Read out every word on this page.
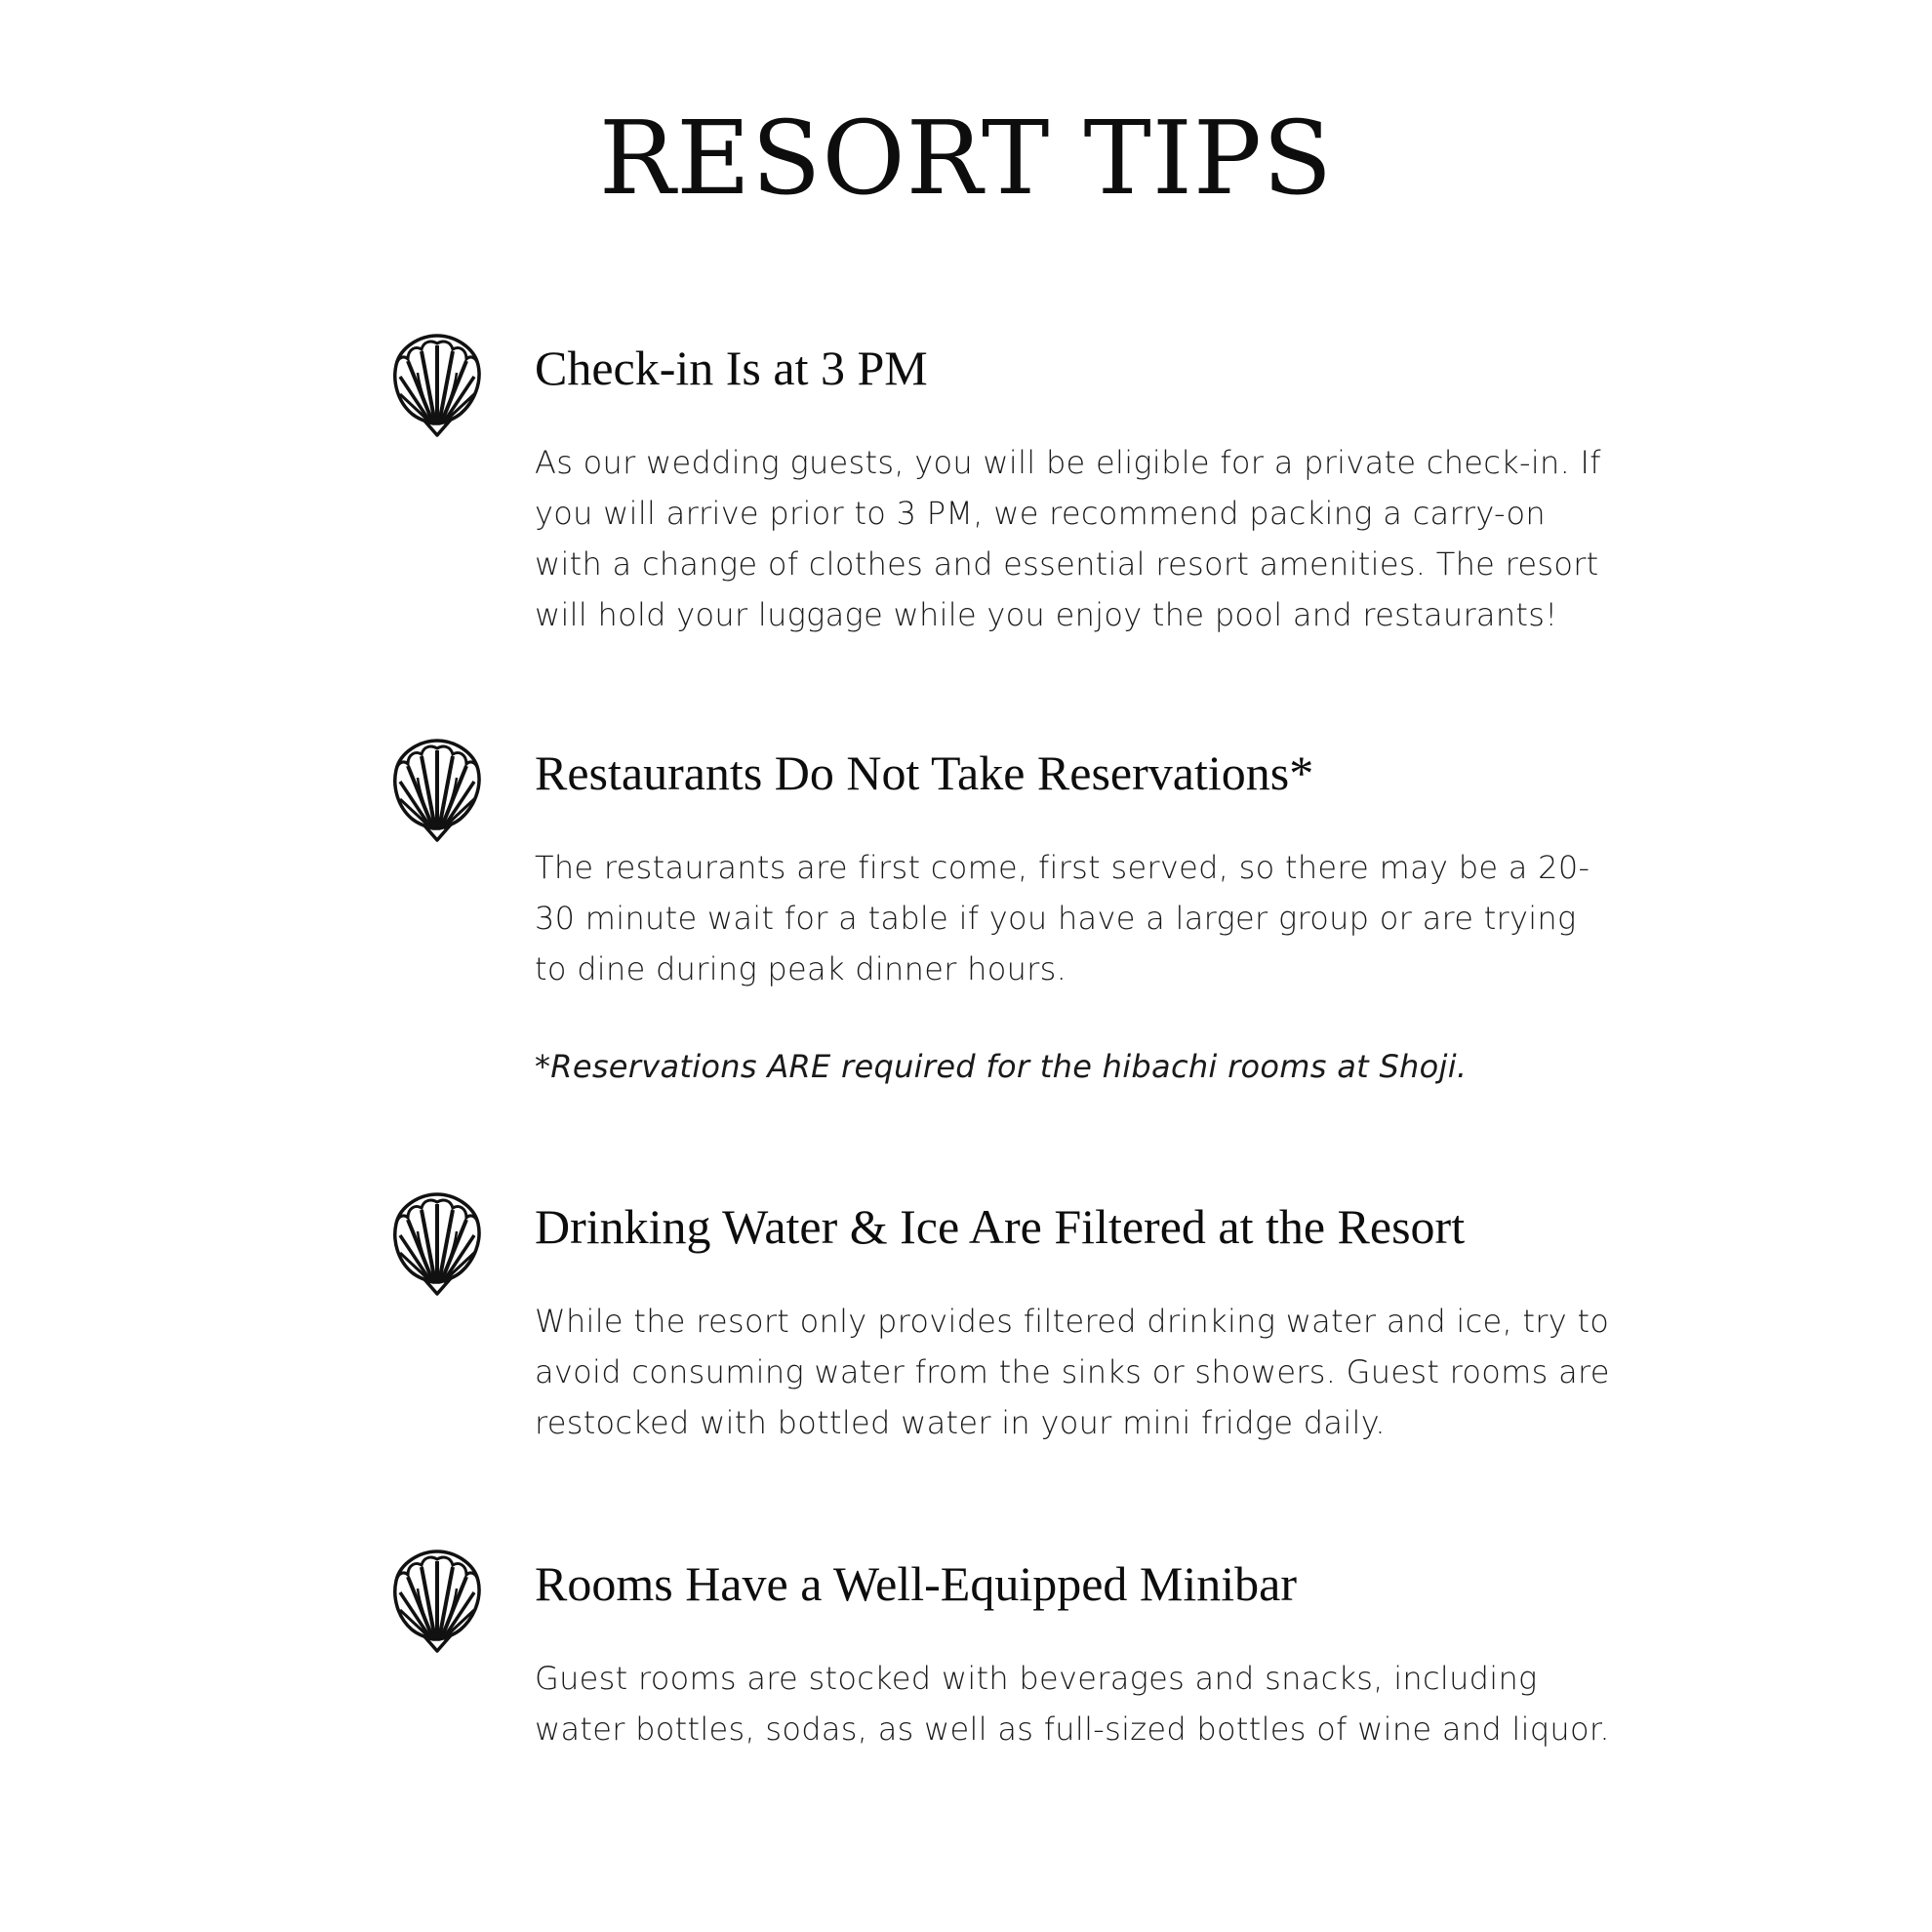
RESORT TIPS
Check-in Is at 3 PM

As our wedding guests, you will be eligible for a private check-in. If you will arrive prior to 3 PM, we recommend packing a carry-on with a change of clothes and essential resort amenities. The resort will hold your luggage while you enjoy the pool and restaurants!

Restaurants Do Not Take Reservations*

The restaurants are first come, first served, so there may be a 20-30 minute wait for a table if you have a larger group or are trying to dine during peak dinner hours.

*Reservations ARE required for the hibachi rooms at Shoji.

Drinking Water & Ice Are Filtered at the Resort

While the resort only provides filtered drinking water and ice, try to avoid consuming water from the sinks or showers. Guest rooms are restocked with bottled water in your mini fridge daily.

Rooms Have a Well-Equipped Minibar

Guest rooms are stocked with beverages and snacks, including water bottles, sodas, as well as full-sized bottles of wine and liquor.
